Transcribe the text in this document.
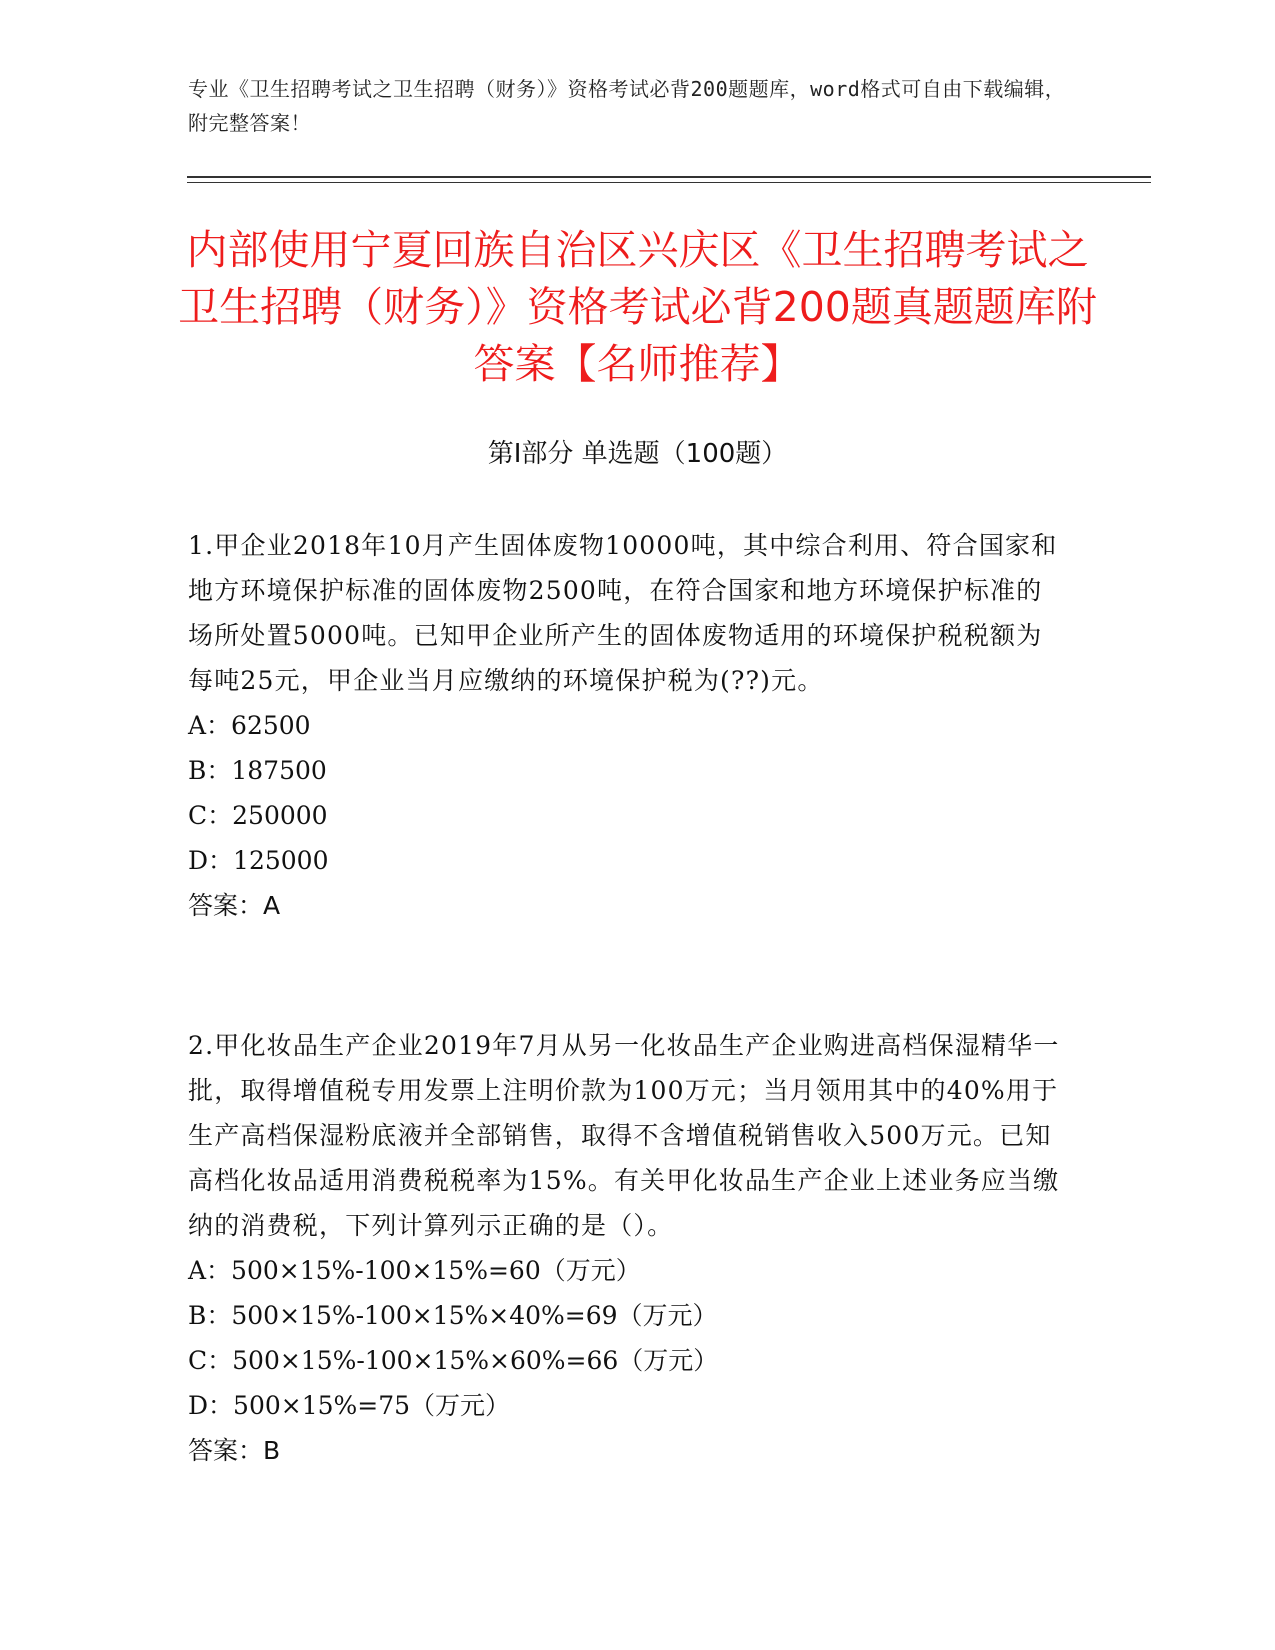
专业《卫生招聘考试之卫生招聘（财务）》资格考试必背200题题库，word格式可自由下载编辑，附完整答案！
内部使用宁夏回族自治区兴庆区《卫生招聘考试之卫生招聘（财务）》资格考试必背200题真题题库附答案【名师推荐】
第Ⅰ部分 单选题（100题）

1.甲企业2018年10月产生固体废物10000吨，其中综合利用、符合国家和地方环境保护标准的固体废物2500吨，在符合国家和地方环境保护标准的场所处置5000吨。已知甲企业所产生的固体废物适用的环境保护税税额为每吨25元，甲企业当月应缴纳的环境保护税为(??)元。

A：62500

B：187500

C：250000

D：125000

答案：A

2.甲化妆品生产企业2019年7月从另一化妆品生产企业购进高档保湿精华一批，取得增值税专用发票上注明价款为100万元；当月领用其中的40%用于生产高档保湿粉底液并全部销售，取得不含增值税销售收入500万元。已知高档化妆品适用消费税税率为15%。有关甲化妆品生产企业上述业务应当缴纳的消费税，下列计算列示正确的是（）。

A：500×15%-100×15%=60（万元）

B：500×15%-100×15%×40%=69（万元）

C：500×15%-100×15%×60%=66（万元）

D：500×15%=75（万元）

答案：B
